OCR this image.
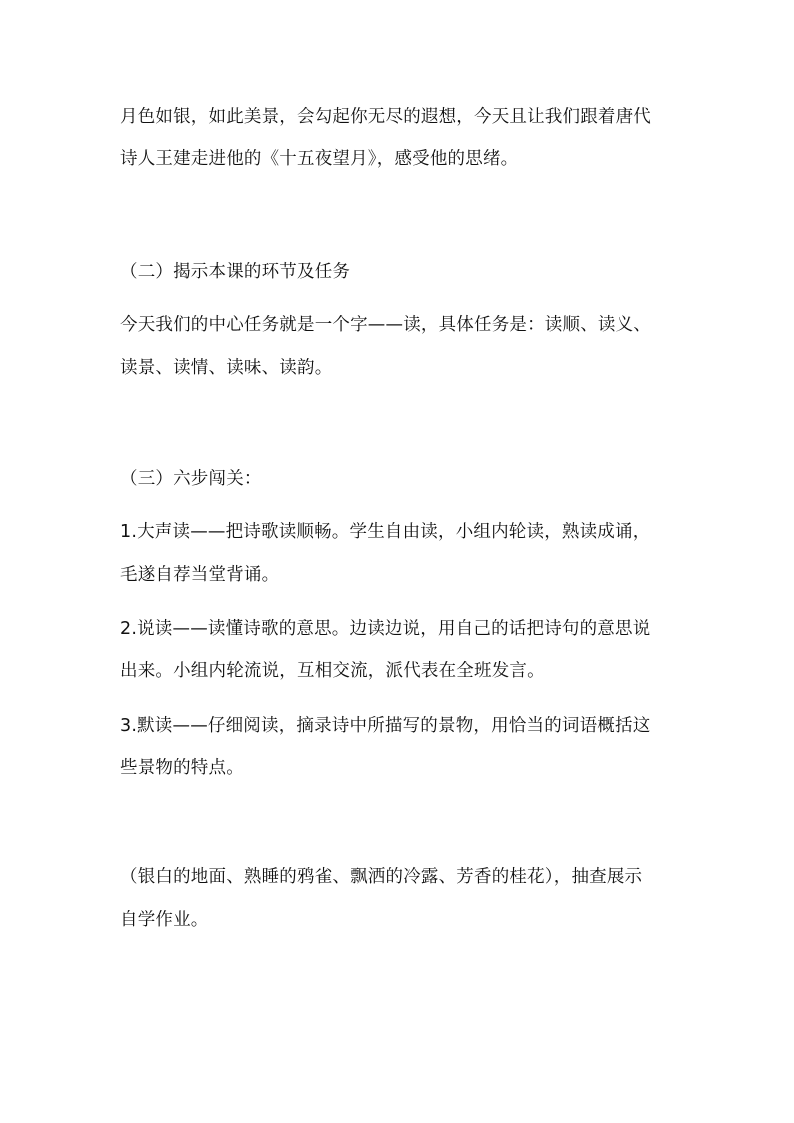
月色如银，如此美景，会勾起你无尽的遐想，今天且让我们跟着唐代
诗人王建走进他的《十五夜望月》，感受他的思绪。
（二）揭示本课的环节及任务
今天我们的中心任务就是一个字——读，具体任务是：读顺、读义、
读景、读情、读味、读韵。
（三）六步闯关：
1.大声读——把诗歌读顺畅。学生自由读，小组内轮读，熟读成诵，
毛遂自荐当堂背诵。
2.说读——读懂诗歌的意思。边读边说，用自己的话把诗句的意思说
出来。小组内轮流说，互相交流，派代表在全班发言。
3.默读——仔细阅读，摘录诗中所描写的景物，用恰当的词语概括这
些景物的特点。
（银白的地面、熟睡的鸦雀、飘洒的冷露、芳香的桂花），抽查展示
自学作业。
